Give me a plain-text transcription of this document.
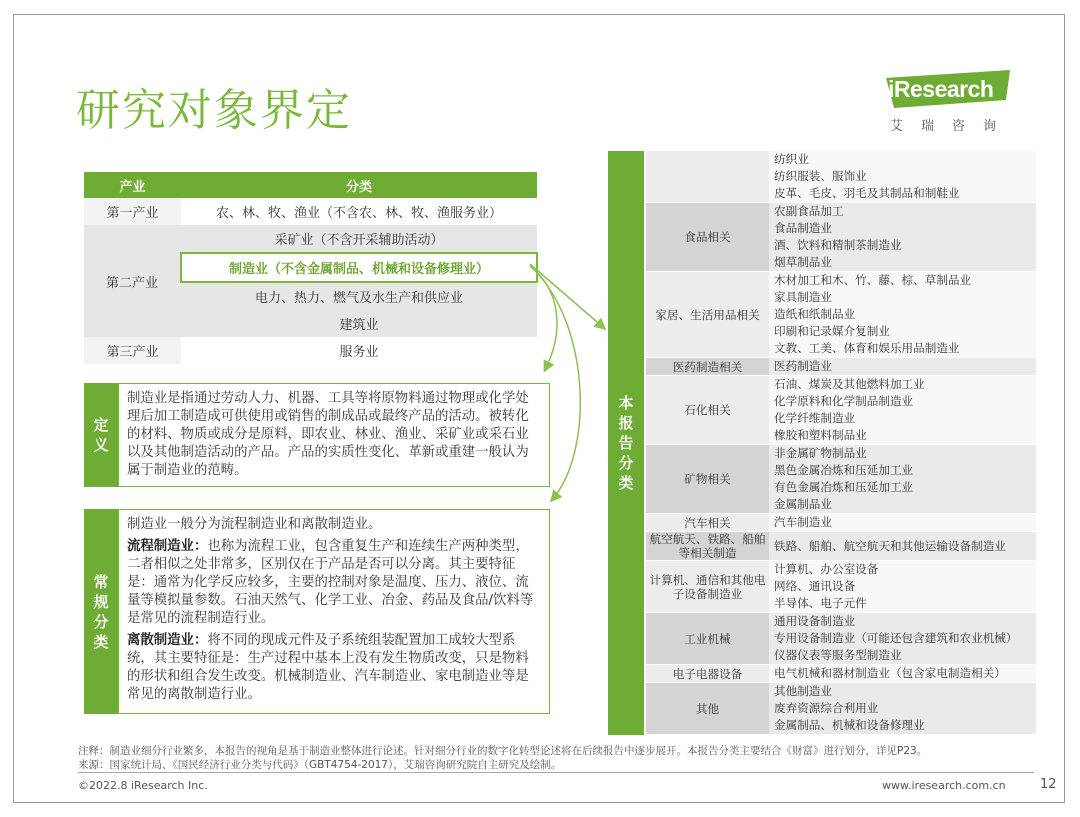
研究对象界定	iResearch
艾瑞咨询
产业	分类
第一产业	农、林、牧、渔业（不含农、林、牧、渔服务业）
第二产业	采矿业（不含开采辅助活动）
	制造业（不含金属制品、机械和设备修理业）
	电力、热力、燃气及水生产和供应业
	建筑业
第三产业	服务业
定义

制造业是指通过劳动人力、机器、工具等将原物料通过物理或化学处理后加工制造成可供使用或销售的制成品或最终产品的活动。被转化的材料、物质或成分是原料，即农业、林业、渔业、采矿业或采石业以及其他制造活动的产品。产品的实质性变化、革新或重建一般认为属于制造业的范畴。

常规分类

制造业一般分为流程制造业和离散制造业。

流程制造业：也称为流程工业，包含重复生产和连续生产两种类型，二者相似之处非常多，区别仅在于产品是否可以分离。其主要特征是：通常为化学反应较多，主要的控制对象是温度、压力、液位、流量等模拟量参数。石油天然气、化学工业、冶金、药品及食品/饮料等是常见的流程制造行业。

离散制造业：将不同的现成元件及子系统组装配置加工成较大型系统，其主要特征是：生产过程中基本上没有发生物质改变，只是物料的形状和组合发生改变。机械制造业、汽车制造业、家电制造业等是常见的离散制造行业。

本报告分类

	纺织业
纺织服装、服饰业
皮革、毛皮、羽毛及其制品和制鞋业

食品相关	农副食品加工
食品制造业
酒、饮料和精制茶制造业
烟草制品业

家居、生活用品相关	木材加工和木、竹、藤、棕、草制品业
家具制造业
造纸和纸制品业
印刷和记录媒介复制业
文教、工美、体育和娱乐用品制造业

医药制造相关	医药制造业

石化相关	石油、煤炭及其他燃料加工业
化学原料和化学制品制造业
化学纤维制造业
橡胶和塑料制品业

矿物相关	非金属矿物制品业
黑色金属冶炼和压延加工业
有色金属冶炼和压延加工业
金属制品业

汽车相关	汽车制造业

航空航天、铁路、船舶等相关制造	铁路、船舶、航空航天和其他运输设备制造业

计算机、通信和其他电子设备制造业	计算机、办公室设备
网络、通讯设备
半导体、电子元件

工业机械	通用设备制造业
专用设备制造业（可能还包含建筑和农业机械）
仪器仪表等服务型制造业

电子电器设备	电气机械和器材制造业（包含家电制造相关）

其他	其他制造业
废弃资源综合利用业
金属制品、机械和设备修理业
注释：制造业细分行业繁多，本报告的视角是基于制造业整体进行论述。针对细分行业的数字化转型论述将在后续报告中逐步展开。本报告分类主要结合《财富》进行划分，详见P23。
来源：国家统计局、《国民经济行业分类与代码》（GBT4754-2017），艾瑞咨询研究院自主研究及绘制。
©2022.8 iResearch Inc.	www.iresearch.com.cn	12
